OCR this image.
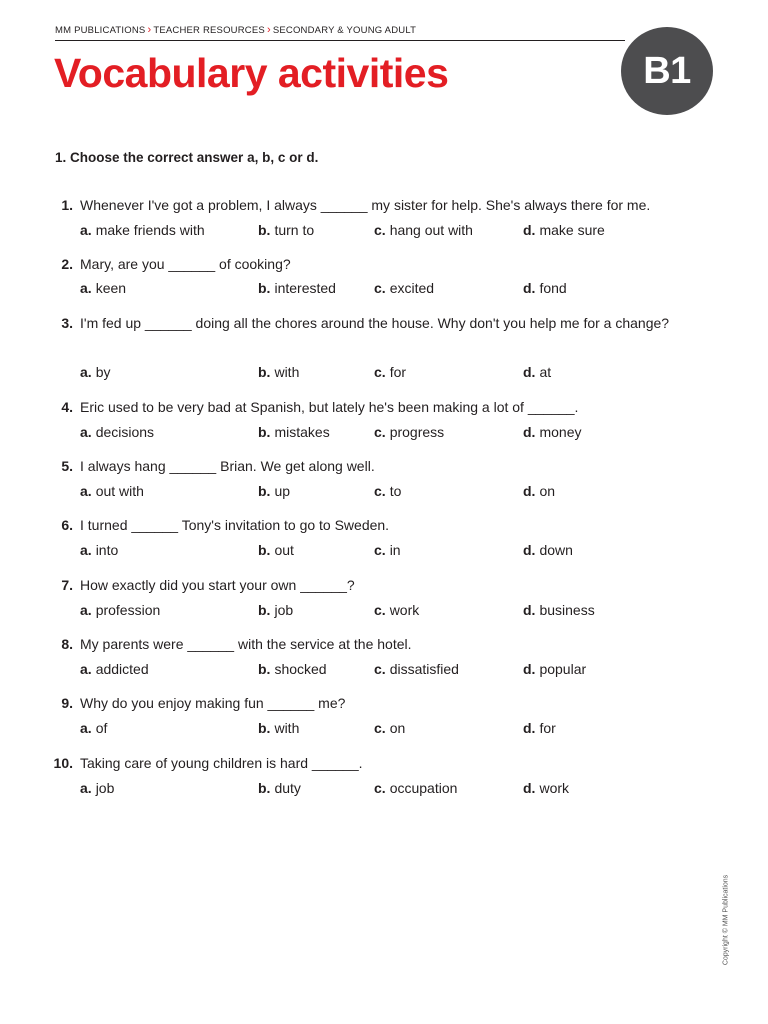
MM PUBLICATIONS › TEACHER RESOURCES › SECONDARY & YOUNG ADULT
Vocabulary activities	B1
1. Choose the correct answer a, b, c or d.
1. Whenever I've got a problem, I always ______ my sister for help. She's always there for me.
a. make friends with	b. turn to	c. hang out with	d. make sure
2. Mary, are you ______ of cooking?
a. keen	b. interested	c. excited	d. fond
3. I'm fed up ______ doing all the chores around the house. Why don't you help me for a change?
a. by	b. with	c. for	d. at
4. Eric used to be very bad at Spanish, but lately he's been making a lot of ______.
a. decisions	b. mistakes	c. progress	d. money
5. I always hang ______ Brian. We get along well.
a. out with	b. up	c. to	d. on
6. I turned ______ Tony's invitation to go to Sweden.
a. into	b. out	c. in	d. down
7. How exactly did you start your own ______?
a. profession	b. job	c. work	d. business
8. My parents were ______ with the service at the hotel.
a. addicted	b. shocked	c. dissatisfied	d. popular
9. Why do you enjoy making fun ______ me?
a. of	b. with	c. on	d. for
10. Taking care of young children is hard ______.
a. job	b. duty	c. occupation	d. work
Copyright © MM Publications
